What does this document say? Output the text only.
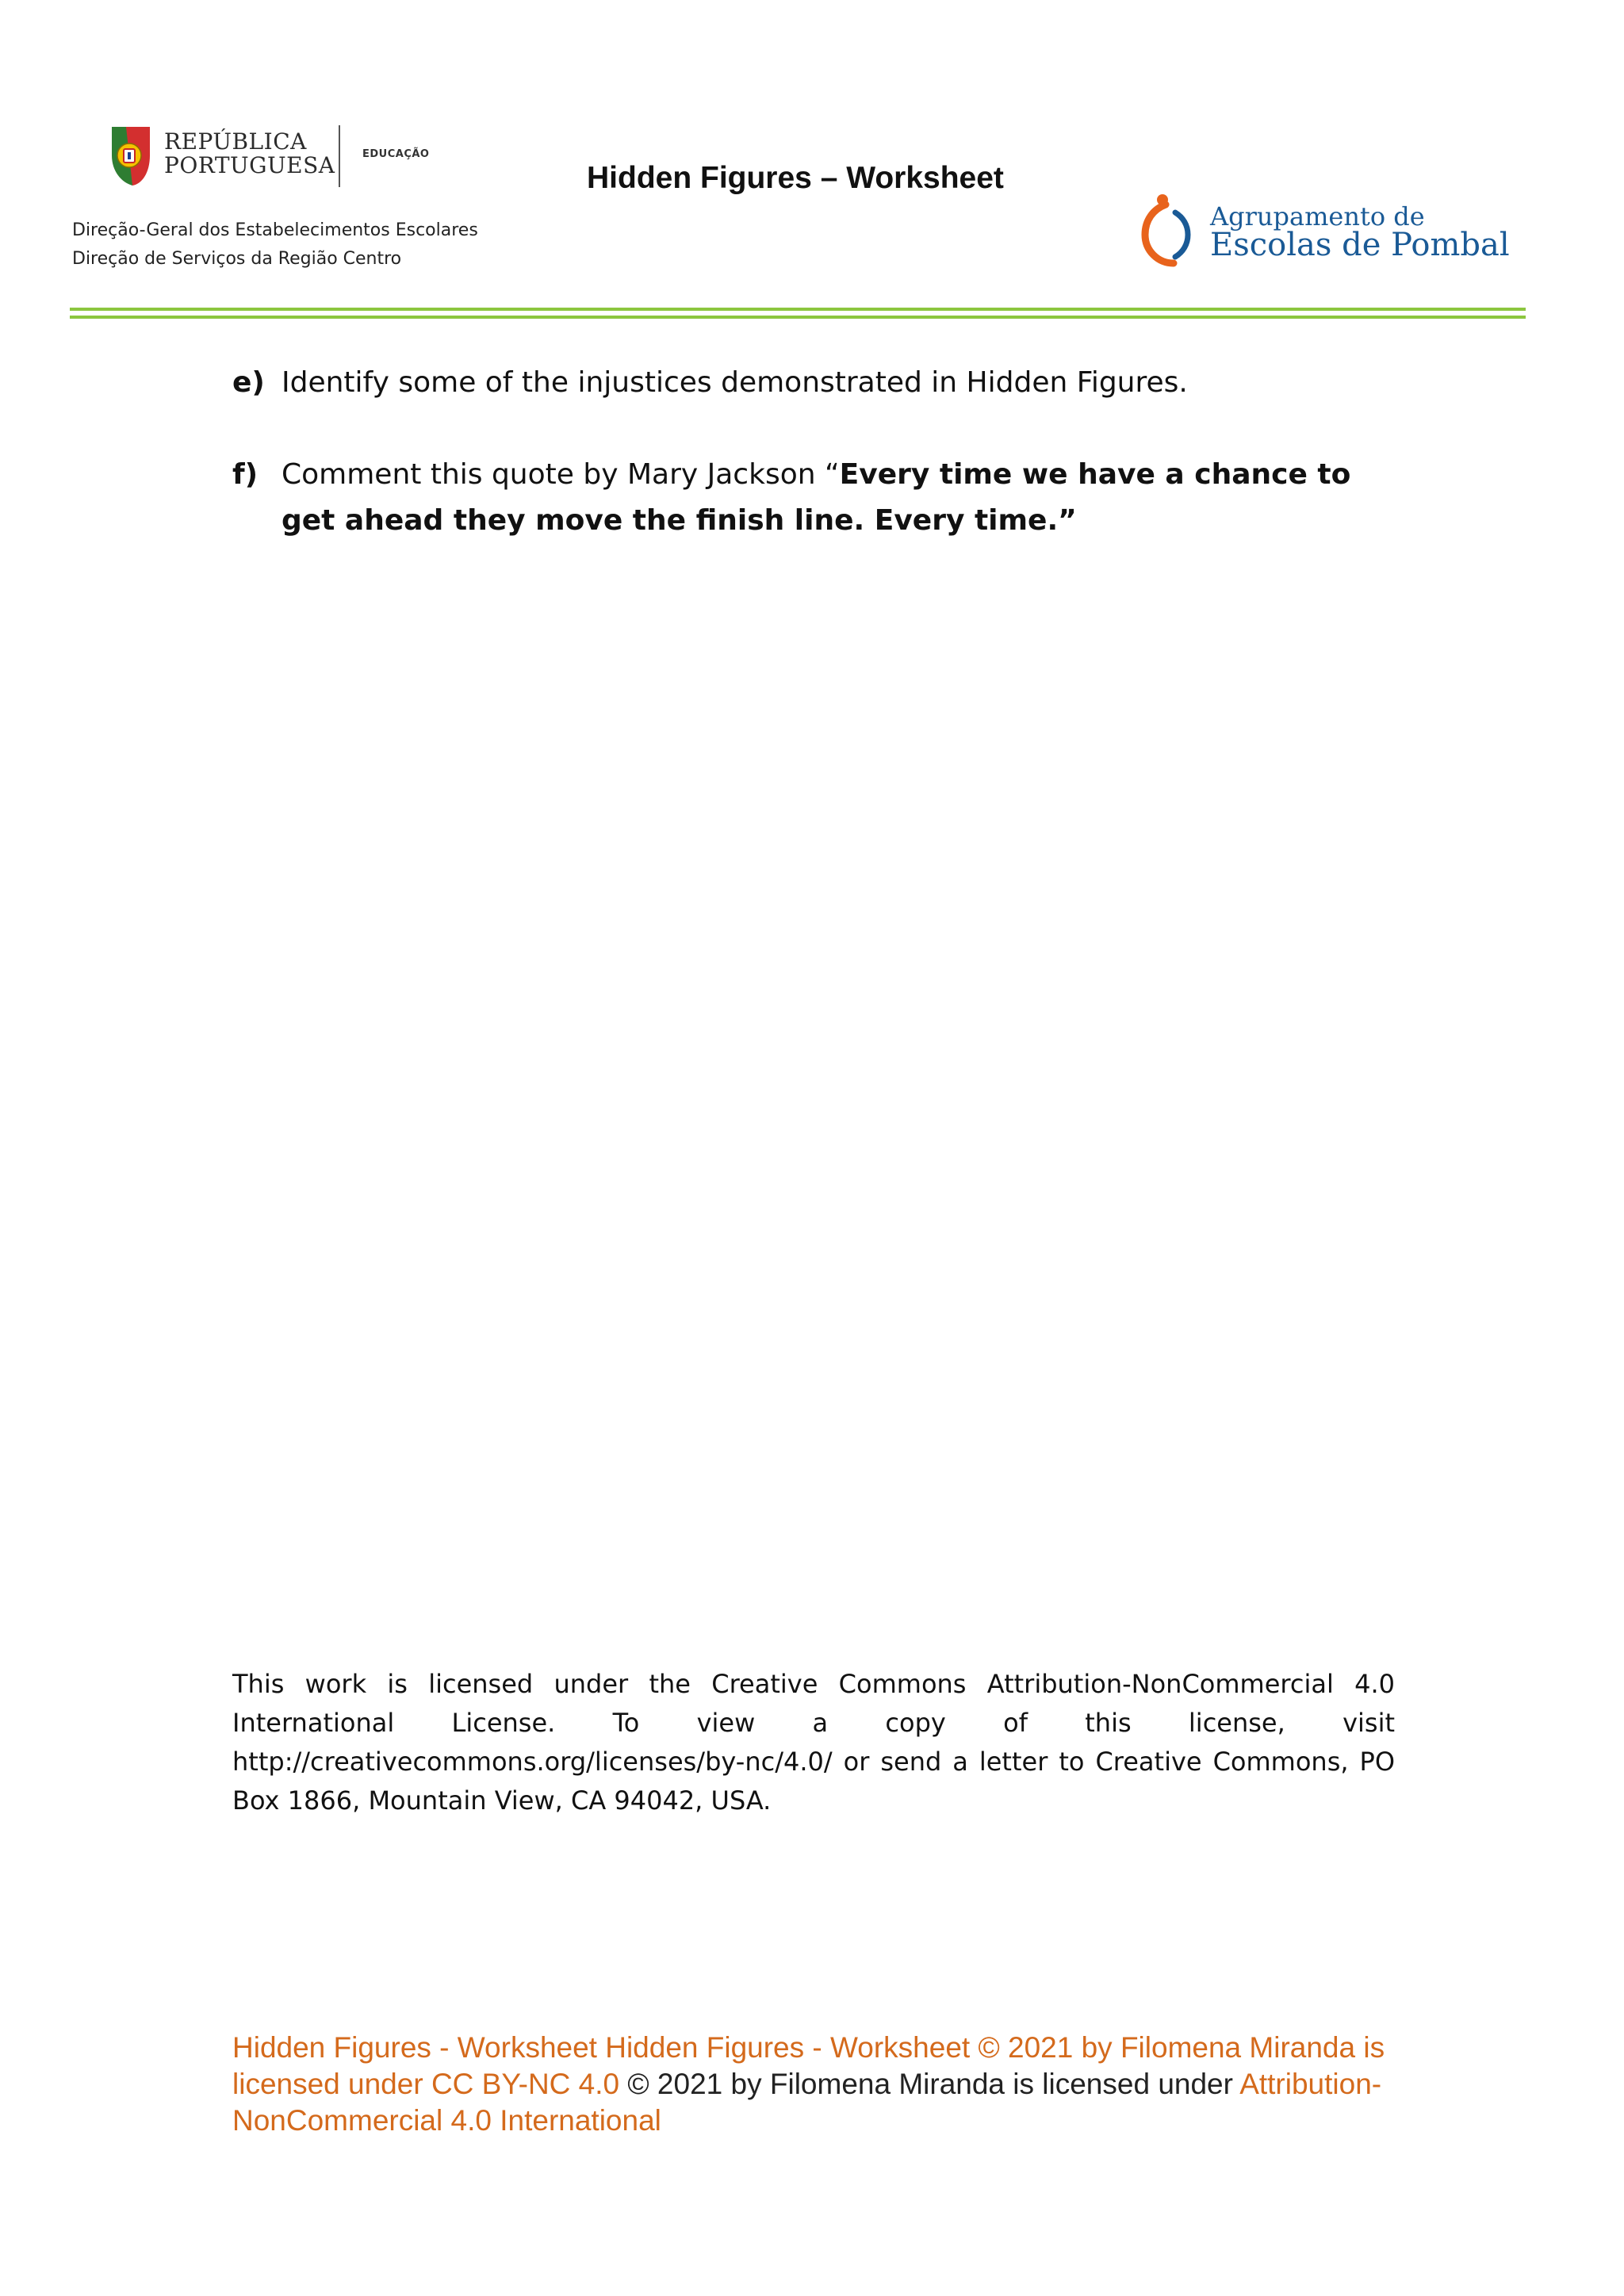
REPÚBLICA
PORTUGUESA	EDUCAÇÃO
Direção-Geral dos Estabelecimentos Escolares
Direção de Serviços da Região Centro
Hidden Figures – Worksheet
Agrupamento de
Escolas de Pombal
e) Identify some of the injustices demonstrated in Hidden Figures.
f) Comment this quote by Mary Jackson “Every time we have a chance to get ahead they move the finish line. Every time.”
This work is licensed under the Creative Commons Attribution-NonCommercial 4.0 International License. To view a copy of this license, visit http://creativecommons.org/licenses/by-nc/4.0/ or send a letter to Creative Commons, PO Box 1866, Mountain View, CA 94042, USA.
Hidden Figures - Worksheet Hidden Figures - Worksheet © 2021 by Filomena Miranda is licensed under CC BY-NC 4.0 © 2021 by Filomena Miranda is licensed under Attribution-NonCommercial 4.0 International
